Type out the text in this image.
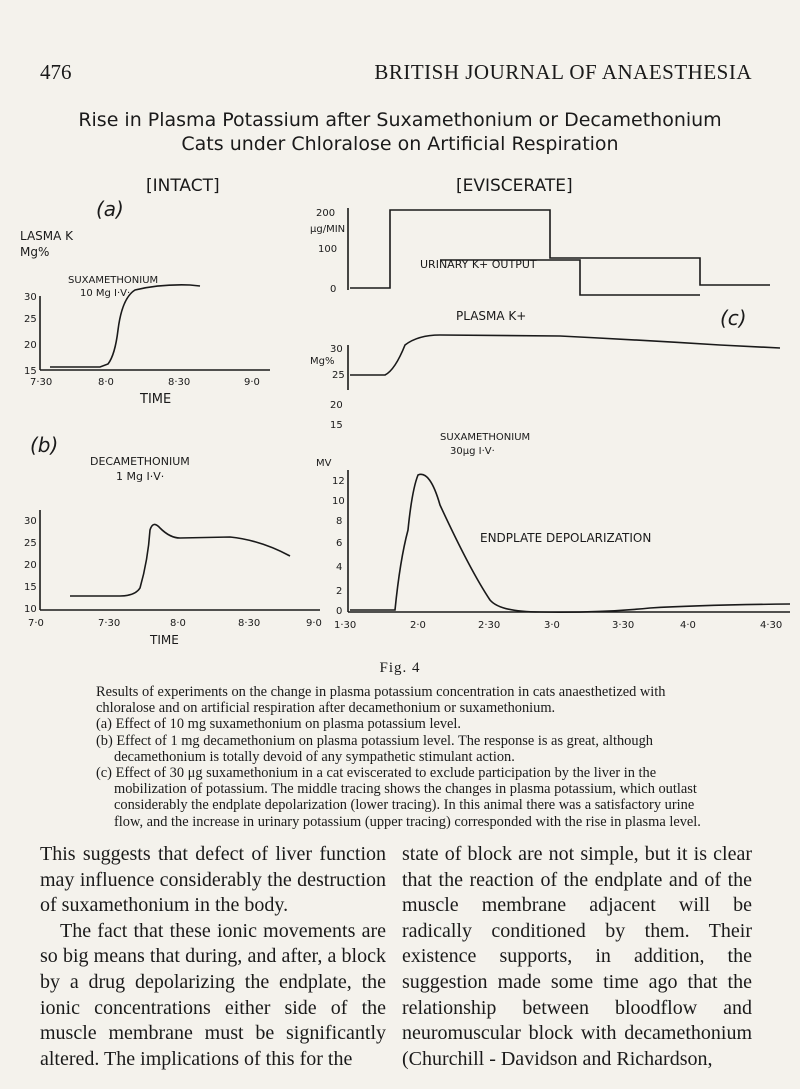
476	BRITISH JOURNAL OF ANAESTHESIA
Rise in Plasma Potassium after Suxamethonium or Decamethonium
Cats under Chloralose on Artificial Respiration
30
25
20
15
7·30	8·0	8·30	9·0
TIME
LASMA K
Mg%
(a)
SUXAMETHONIUM
10 Mg I·V·
30
25
20
15
10
7·0	7·30	8·0	8·30	9·0
TIME
(b)
DECAMETHONIUM
1 Mg I·V·
200
100
0
μg/MIN
URINARY K+ OUTPUT
30
25
20
15
Mg%
PLASMA K+	(c)
SUXAMETHONIUM
30μg I·V·
MV
12
10
8
6
4
2
0
ENDPLATE DEPOLARIZATION
1·30	2·0	2·30	3·0	3·30	4·0	4·30
[INTACT]	[EVISCERATE]
Fig. 4
Results of experiments on the change in plasma potassium concentration in cats anaesthetized with chloralose and on artificial respiration after decamethonium or suxamethonium.
(a) Effect of 10 mg suxamethonium on plasma potassium level.
(b) Effect of 1 mg decamethonium on plasma potassium level. The response is as great, although decamethonium is totally devoid of any sympathetic stimulant action.
(c) Effect of 30 μg suxamethonium in a cat eviscerated to exclude participation by the liver in the mobilization of potassium. The middle tracing shows the changes in plasma potassium, which outlast considerably the endplate depolarization (lower tracing). In this animal there was a satisfactory urine flow, and the increase in urinary potassium (upper tracing) corresponded with the rise in plasma level.
This suggests that defect of liver function may influence considerably the destruction of suxamethonium in the body.
The fact that these ionic movements are so big means that during, and after, a block by a drug depolarizing the endplate, the ionic concentrations either side of the muscle membrane must be significantly altered. The implications of this for the
state of block are not simple, but it is clear that the reaction of the endplate and of the muscle membrane adjacent will be radically conditioned by them. Their existence supports, in addition, the suggestion made some time ago that the relationship between bloodflow and neuromuscular block with decamethonium (Churchill - Davidson and Richardson,
